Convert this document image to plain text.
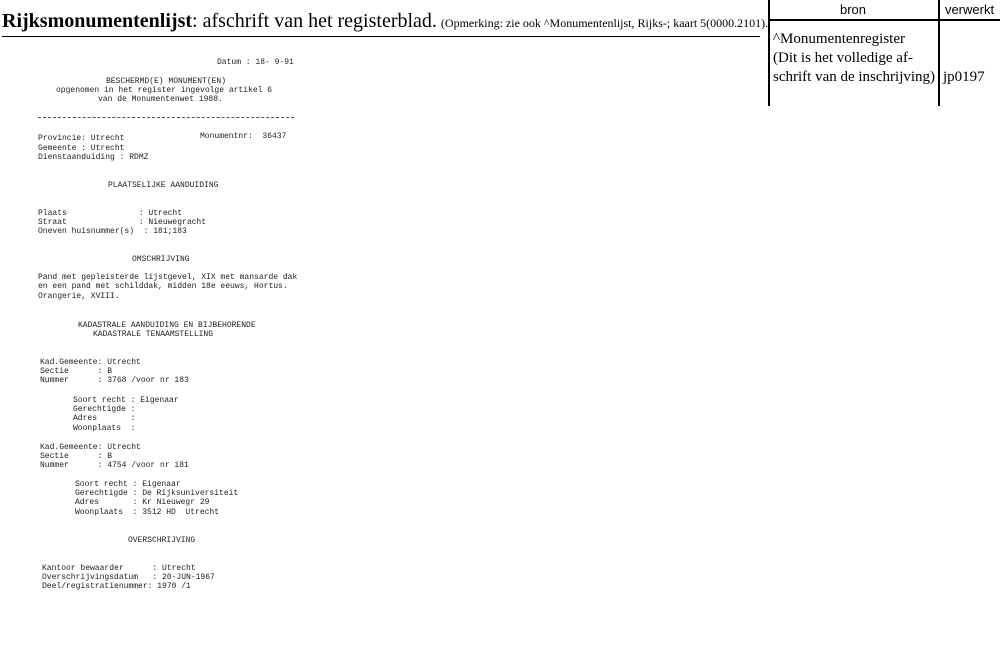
Rijksmonumentenlijst: afschrift van het registerblad. (Opmerking: zie ook ^Monumentenlijst, Rijks-; kaart 5(0000.2101).
bron	verwerkt
^Monumentenregister
(Dit is het volledige af-
schrift van de inschrijving) jp0197
Datum : 18- 9-91
BESCHERMD(E) MONUMENT(EN)
opgenomen in het register ingevolge artikel 6
van de Monumentenwet 1988.
Provincie: Utrecht	Monumentnr:  36437
Gemeente : Utrecht
Dienstaanduiding : RDMZ
PLAATSELIJKE AANDUIDING
Plaats               : Utrecht
Straat               : Nieuwegracht
Oneven huisnummer(s)  : 181;183
OMSCHRIJVING
Pand met gepleisterde lijstgevel, XIX met mansarde dak
en een pand met schilddak, midden 18e eeuws, Hortus.
Orangerie, XVIII.
KADASTRALE AANDUIDING EN BIJBEHORENDE
KADASTRALE TENAAMSTELLING
Kad.Gemeente: Utrecht
Sectie      : B
Nummer      : 3768 /voor nr 183
Soort recht : Eigenaar
Gerechtigde :
Adres       :
Woonplaats  :
Kad.Gemeente: Utrecht
Sectie      : B
Nummer      : 4754 /voor nr 181
Soort recht : Eigenaar
Gerechtigde : De Rijksuniversiteit
Adres       : Kr Nieuwegr 29
Woonplaats  : 3512 HD  Utrecht
OVERSCHRIJVING
Kantoor bewaarder      : Utrecht
Overschrijvingsdatum   : 20-JUN-1967
Deel/registratienummer: 1970 /1
